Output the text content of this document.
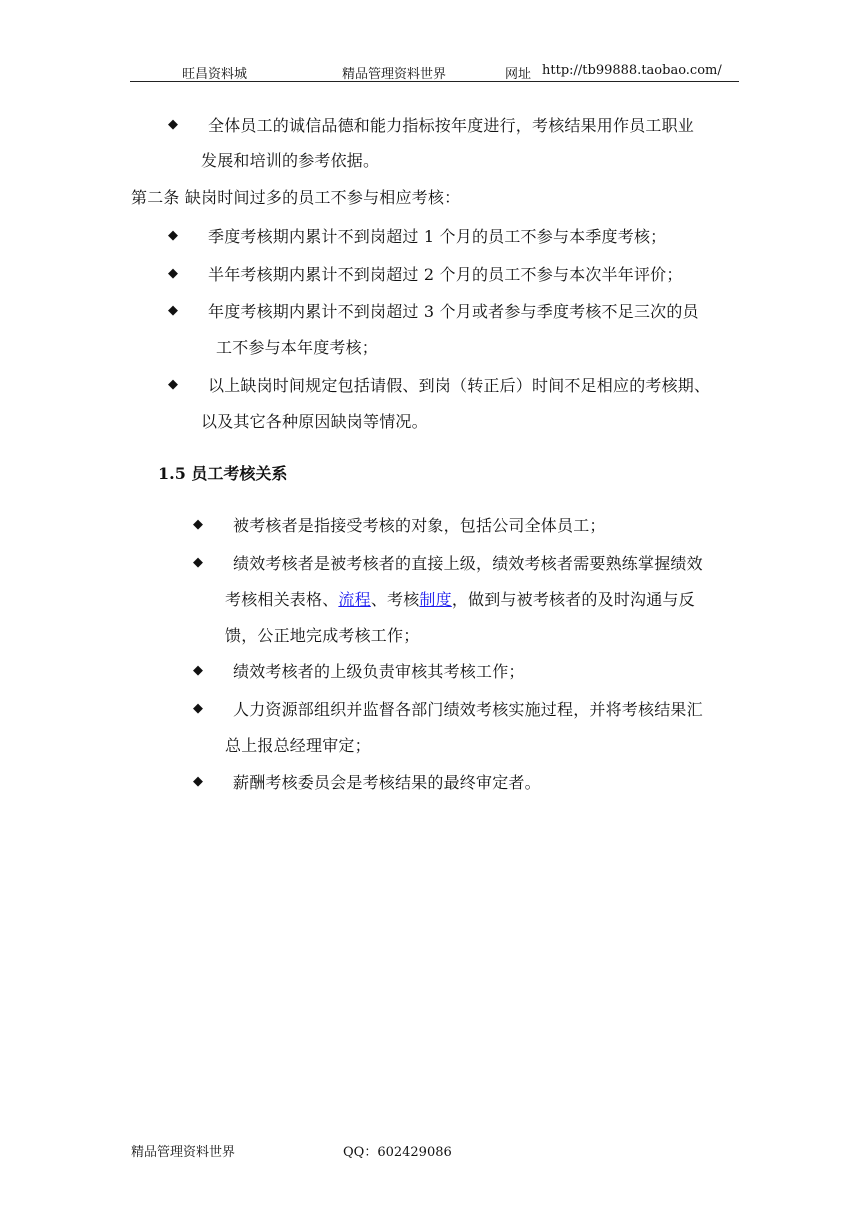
旺昌资料城	精品管理资料世界	网址 http://tb99888.taobao.com/
◆ 全体员工的诚信品德和能力指标按年度进行，考核结果用作员工职业
发展和培训的参考依据。
第二条 缺岗时间过多的员工不参与相应考核：
◆ 季度考核期内累计不到岗超过 1 个月的员工不参与本季度考核；
◆ 半年考核期内累计不到岗超过 2 个月的员工不参与本次半年评价；
◆ 年度考核期内累计不到岗超过 3 个月或者参与季度考核不足三次的员
工不参与本年度考核；
◆ 以上缺岗时间规定包括请假、到岗（转正后）时间不足相应的考核期、
以及其它各种原因缺岗等情况。
1.5 员工考核关系
◆ 被考核者是指接受考核的对象，包括公司全体员工；
◆ 绩效考核者是被考核者的直接上级，绩效考核者需要熟练掌握绩效
考核相关表格、流程、考核制度，做到与被考核者的及时沟通与反
馈，公正地完成考核工作；
◆ 绩效考核者的上级负责审核其考核工作；
◆ 人力资源部组织并监督各部门绩效考核实施过程，并将考核结果汇
总上报总经理审定；
◆ 薪酬考核委员会是考核结果的最终审定者。
精品管理资料世界	QQ：602429086
